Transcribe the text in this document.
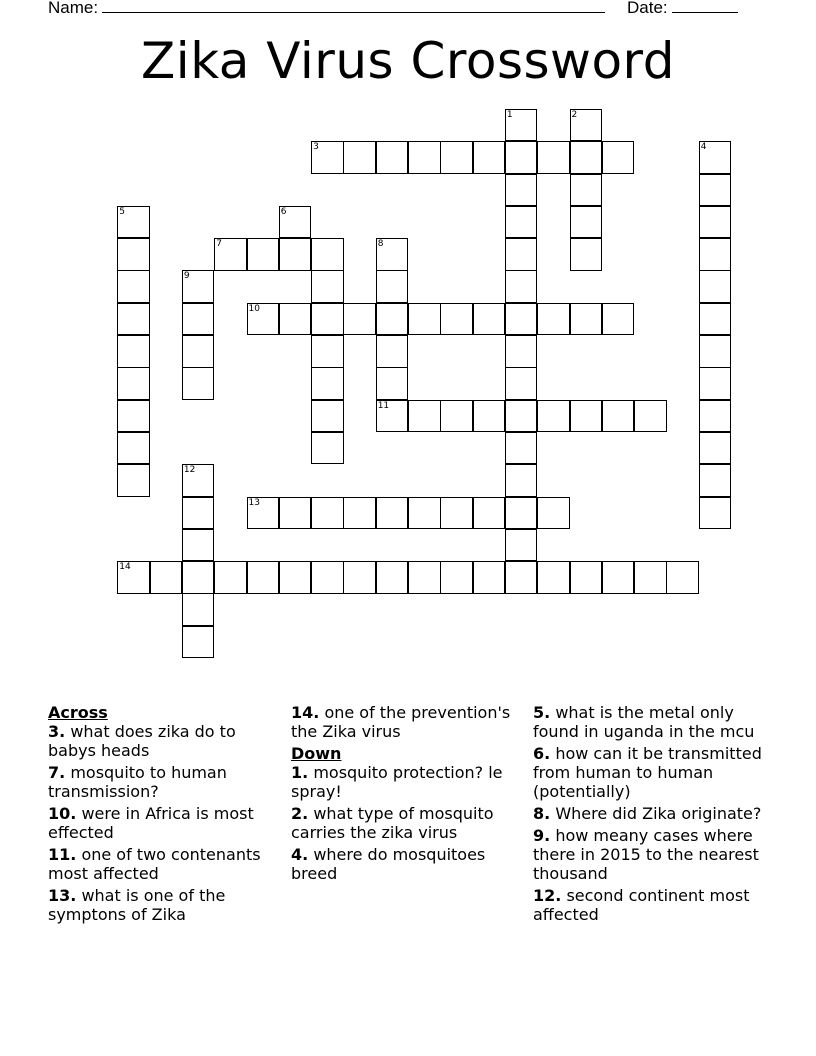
Name:	Date:
Zika Virus Crossword
1	2
3	4
5	6
7	8
9
10
11
12
13
14
Across
3. what does zika do to babys heads
7. mosquito to human transmission?
10. were in Africa is most effected
11. one of two contenants most affected
13. what is one of the symptons of Zika
14. one of the prevention's the Zika virus
Down
1. mosquito protection? le spray!
2. what type of mosquito carries the zika virus
4. where do mosquitoes breed
5. what is the metal only found in uganda in the mcu
6. how can it be transmitted from human to human (potentially)
8. Where did Zika originate?
9. how meany cases where there in 2015 to the nearest thousand
12. second continent most affected
